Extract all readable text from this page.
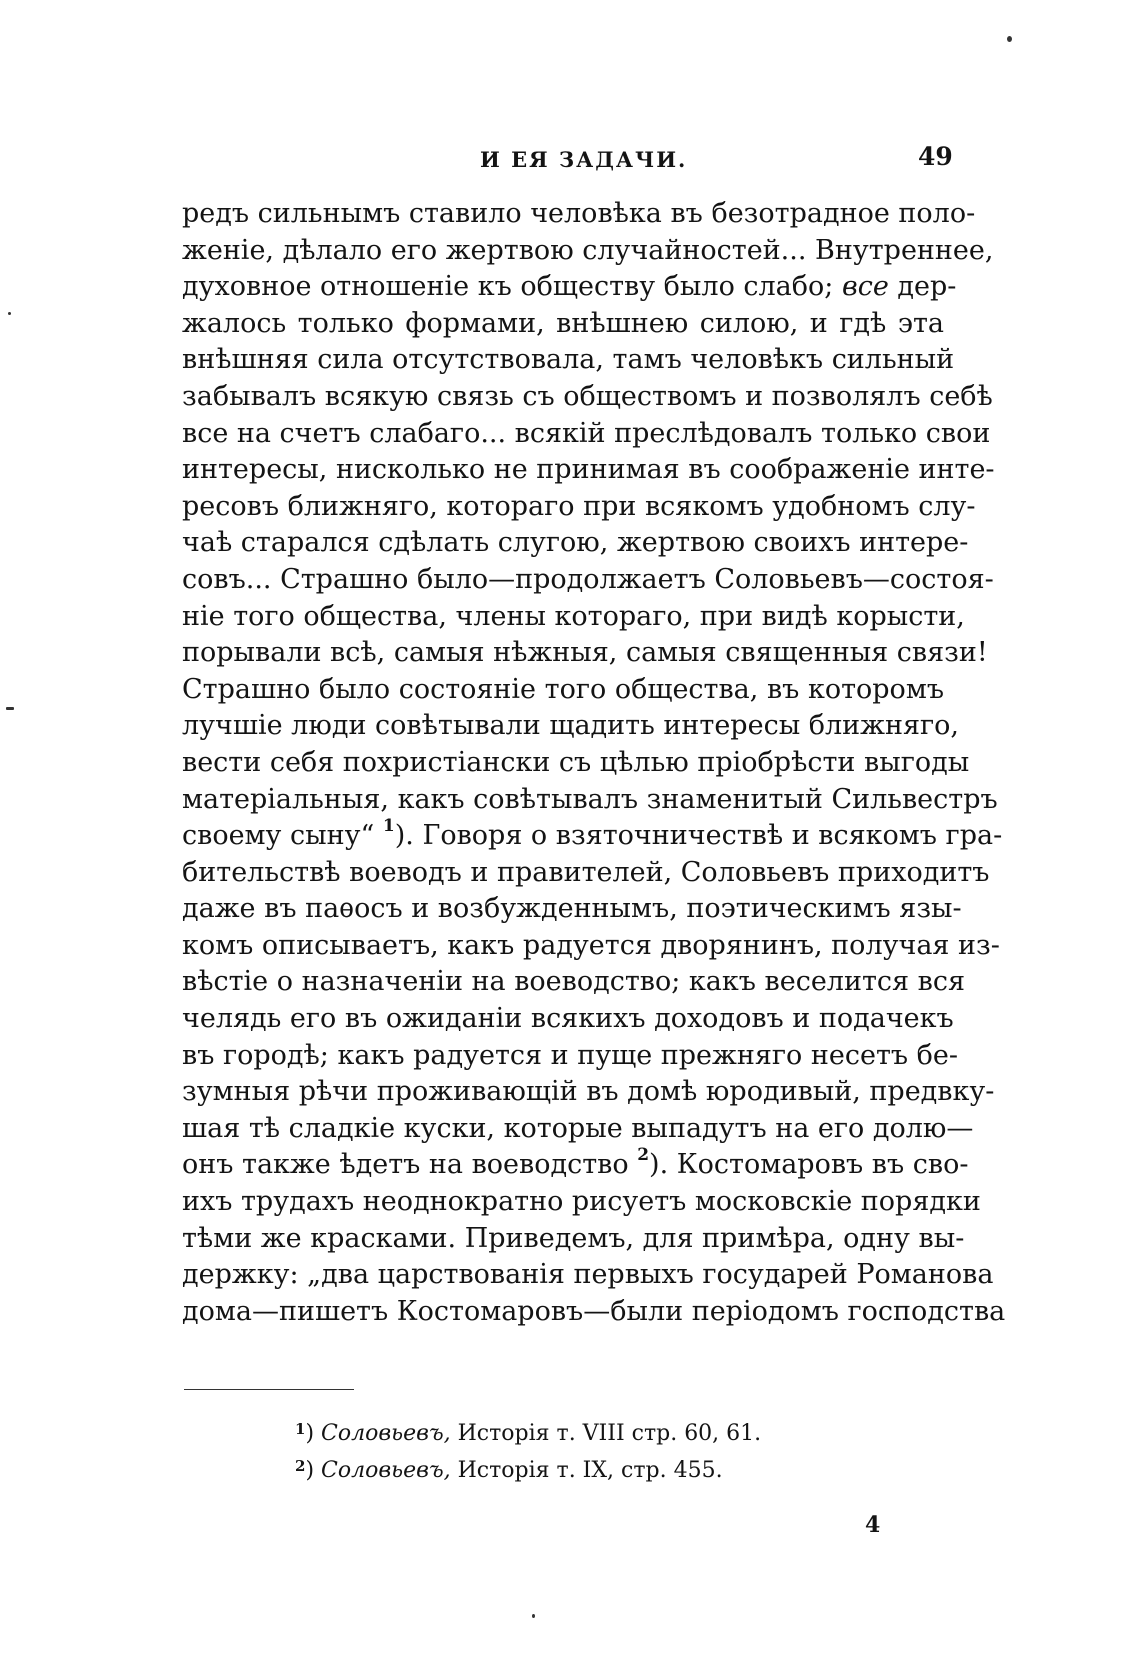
И ЕЯ ЗАДАЧИ.	49
редъ сильнымъ ставило человѣка въ безотрадное поло-
женіе, дѣлало его жертвою случайностей... Внутреннее,
духовное отношеніе къ обществу было слабо; все дер-
жалось только формами, внѣшнею силою, и гдѣ эта
внѣшняя сила отсутствовала, тамъ человѣкъ сильный
забывалъ всякую связь съ обществомъ и позволялъ себѣ
все на счетъ слабаго... всякій преслѣдовалъ только свои
интересы, нисколько не принимая въ соображеніе инте-
ресовъ ближняго, котораго при всякомъ удобномъ слу-
чаѣ старался сдѣлать слугою, жертвою своихъ интере-
совъ... Страшно было—продолжаетъ Соловьевъ—состоя-
ніе того общества, члены котораго, при видѣ корысти,
порывали всѣ, самыя нѣжныя, самыя священныя связи!
Страшно было состояніе того общества, въ которомъ
лучшіе люди совѣтывали щадить интересы ближняго,
вести себя похристіански съ цѣлью пріобрѣсти выгоды
матеріальныя, какъ совѣтывалъ знаменитый Сильвестръ
своему сыну“ $^1$). Говоря о взяточничествѣ и всякомъ гра-
бительствѣ воеводъ и правителей, Соловьевъ приходитъ
даже въ паѳосъ и возбужденнымъ, поэтическимъ язы-
комъ описываетъ, какъ радуется дворянинъ, получая из-
вѣстіе о назначеніи на воеводство; какъ веселится вся
челядь его въ ожиданіи всякихъ доходовъ и подачекъ
въ городѣ; какъ радуется и пуще прежняго несетъ бе-
зумныя рѣчи проживающій въ домѣ юродивый, предвку-
шая тѣ сладкіе куски, которые выпадутъ на его долю—
онъ также ѣдетъ на воеводство $^2$). Костомаровъ въ сво-
ихъ трудахъ неоднократно рисуетъ московскіе порядки
тѣми же красками. Приведемъ, для примѣра, одну вы-
держку: „два царствованія первыхъ государей Романова
дома—пишетъ Костомаровъ—были періодомъ господства
$^1$) Соловьевъ, Исторія т. VIII стр. 60, 61.
$^2$) Соловьевъ, Исторія т. IX, стр. 455.
4
